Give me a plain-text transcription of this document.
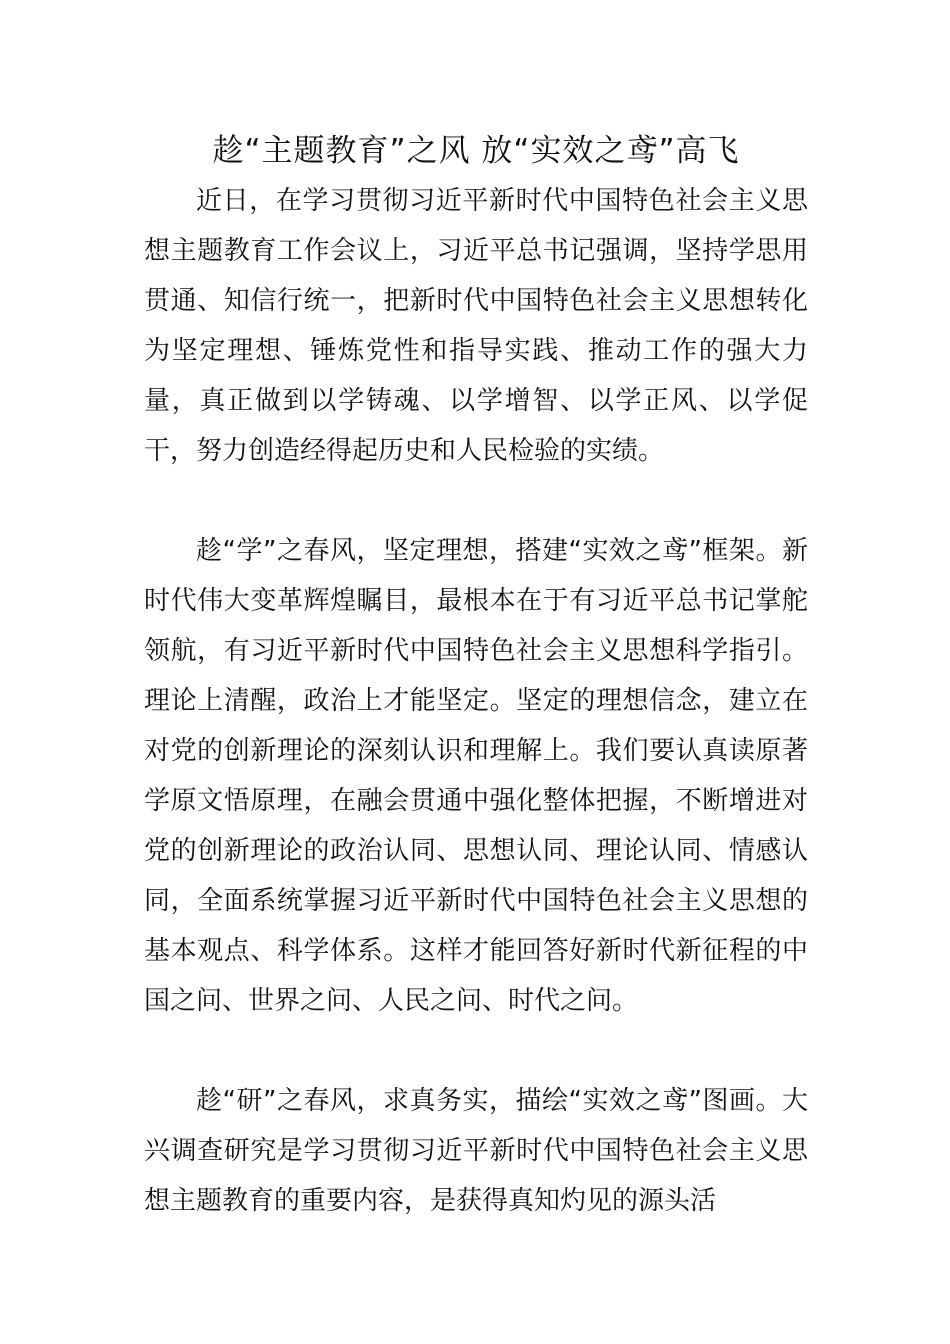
趁“主题教育”之风 放“实效之鸢”高飞

近日，在学习贯彻习近平新时代中国特色社会主义思想主题教育工作会议上，习近平总书记强调，坚持学思用贯通、知信行统一，把新时代中国特色社会主义思想转化为坚定理想、锤炼党性和指导实践、推动工作的强大力量，真正做到以学铸魂、以学增智、以学正风、以学促干，努力创造经得起历史和人民检验的实绩。

趁“学”之春风，坚定理想，搭建“实效之鸢”框架。新时代伟大变革辉煌瞩目，最根本在于有习近平总书记掌舵领航，有习近平新时代中国特色社会主义思想科学指引。理论上清醒，政治上才能坚定。坚定的理想信念，建立在对党的创新理论的深刻认识和理解上。我们要认真读原著学原文悟原理，在融会贯通中强化整体把握，不断增进对党的创新理论的政治认同、思想认同、理论认同、情感认同，全面系统掌握习近平新时代中国特色社会主义思想的基本观点、科学体系。这样才能回答好新时代新征程的中国之问、世界之问、人民之问、时代之问。

趁“研”之春风，求真务实，描绘“实效之鸢”图画。大兴调查研究是学习贯彻习近平新时代中国特色社会主义思想主题教育的重要内容，是获得真知灼见的源头活
